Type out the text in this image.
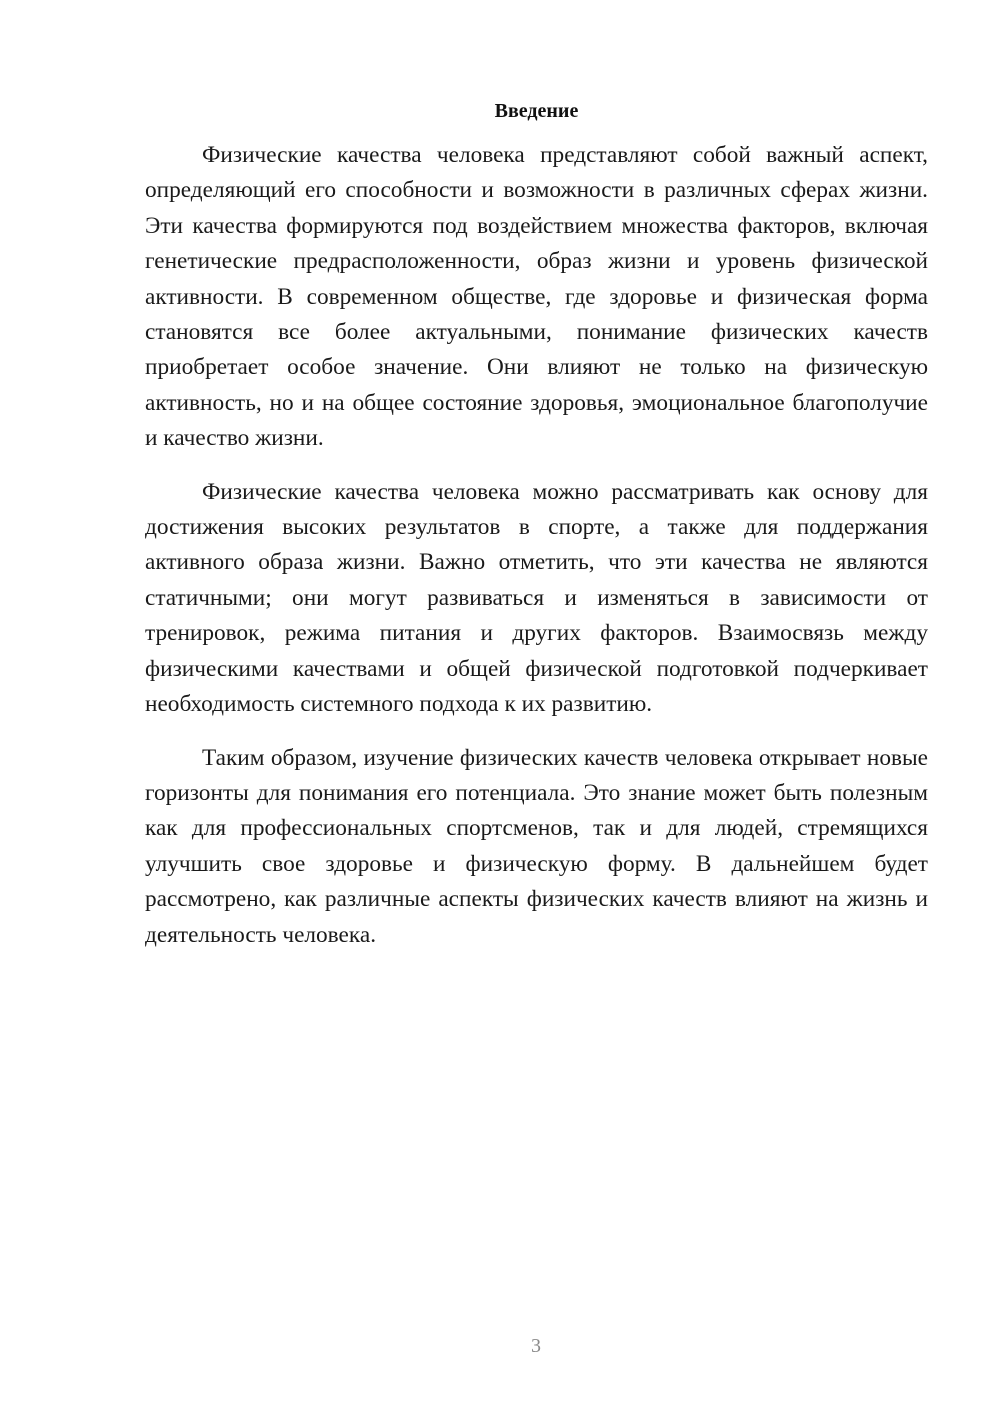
Введение

Физические качества человека представляют собой важный аспект, определяющий его способности и возможности в различных сферах жизни. Эти качества формируются под воздействием множества факторов, включая генетические предрасположенности, образ жизни и уровень физической активности. В современном обществе, где здоровье и физическая форма становятся все более актуальными, понимание физических качеств приобретает особое значение. Они влияют не только на физическую активность, но и на общее состояние здоровья, эмоциональное благополучие и качество жизни.

Физические качества человека можно рассматривать как основу для достижения высоких результатов в спорте, а также для поддержания активного образа жизни. Важно отметить, что эти качества не являются статичными; они могут развиваться и изменяться в зависимости от тренировок, режима питания и других факторов. Взаимосвязь между физическими качествами и общей физической подготовкой подчеркивает необходимость системного подхода к их развитию.

Таким образом, изучение физических качеств человека открывает новые горизонты для понимания его потенциала. Это знание может быть полезным как для профессиональных спортсменов, так и для людей, стремящихся улучшить свое здоровье и физическую форму. В дальнейшем будет рассмотрено, как различные аспекты физических качеств влияют на жизнь и деятельность человека.

3
